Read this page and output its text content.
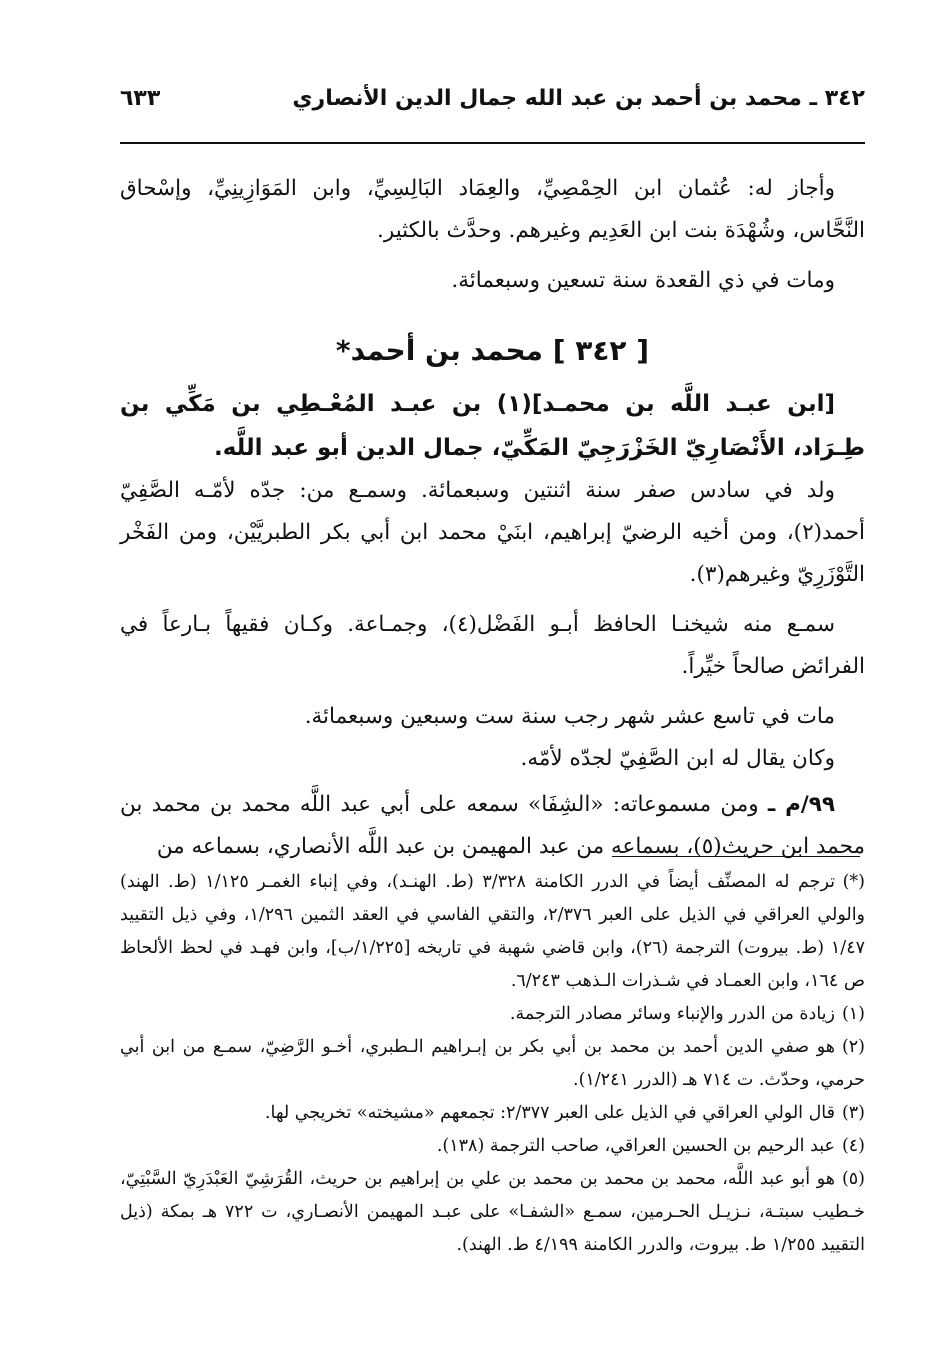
٣٤٢ ـ محمد بن أحمد بن عبد الله جمال الدين الأنصاري
٦٣٣

وأجاز له: عُثمان ابن الحِمْصِيِّ، والعِمَاد البَالِسِيِّ، وابن المَوَازِينِيِّ، وإسْحاق النَّحَّاس، وشُهْدَة بنت ابن العَدِيم وغيرهم. وحدَّث بالكثير.

ومات في ذي القعدة سنة تسعين وسبعمائة.

[ ٣٤٢ ] محمد بن أحمد*

[ابن عبـد اللَّه بن محمـد](١) بن عبـد المُعْـطِي بن مَكِّي بن طِـرَاد، الأَنْصَارِيّ الخَزْرَجِيّ المَكِّيّ، جمال الدين أبو عبد اللَّه.

ولد في سادس صفر سنة اثنتين وسبعمائة. وسمـع من: جدّه لأمّـه الصَّفِيّ أحمد(٢)، ومن أخيه الرضيّ إبراهيم، ابنَيْ محمد ابن أبي بكر الطبريَّيْن، ومن الفَخْر التَّوْزَرِيّ وغيرهم(٣).

سمـع منه شيخنـا الحافظ أبـو الفَضْل(٤)، وجمـاعة. وكـان فقيهاً بـارعاً في الفرائض صالحاً خيِّراً.

مات في تاسع عشر شهر رجب سنة ست وسبعين وسبعمائة.

وكان يقال له ابن الصَّفِيّ لجدّه لأمّه.

٩٩/م ـ ومن مسموعاته: «الشِفَا» سمعه على أبي عبد اللَّه محمد بن محمد بن محمد ابن حريث(٥)، بسماعه من عبد المهيمن بن عبد اللَّه الأنصاري، بسماعه من

(*)ترجم له المصنِّف أيضاً في الدرر الكامنة ٣/٣٢٨ (ط. الهنـد)، وفي إنباء الغمـر ١/١٢٥ (ط. الهند) والولي العراقي في الذيل على العبر ٢/٣٧٦، والتقي الفاسي في العقد الثمين ١/٢٩٦، وفي ذيل التقييد ١/٤٧ (ط. بيروت) الترجمة (٢٦)، وابن قاضي شهبة في تاريخه [١/٢٢٥/ب]، وابن فهـد في لحظ الألحاظ ص ١٦٤، وابن العمـاد في شـذرات الـذهب ٦/٢٤٣.

(١)زيادة من الدرر والإنباء وسائر مصادر الترجمة.

(٢)هو صفي الدين أحمد بن محمد بن أبي بكر بن إبـراهيم الـطبري، أخـو الرَّضِيّ، سمـع من ابن أبي حرمي، وحدّث. ت ٧١٤ هـ (الدرر ١/٢٤١).

(٣)قال الولي العراقي في الذيل على العبر ٢/٣٧٧: تجمعهم «مشيخته» تخريجي لها.

(٤)عبد الرحيم بن الحسين العراقي، صاحب الترجمة (١٣٨).

(٥)هو أبو عبد اللَّه، محمد بن محمد بن محمد بن علي بن إبراهيم بن حريث، القُرَشِيّ العَبْدَرِيّ السَّبْتِيّ، خـطيب سبتـة، نـزيـل الحـرمين، سمـع «الشفـا» على عبـد المهيمن الأنصـاري، ت ٧٢٢ هـ بمكة (ذيل التقييد ١/٢٥٥ ط. بيروت، والدرر الكامنة ٤/١٩٩ ط. الهند).
